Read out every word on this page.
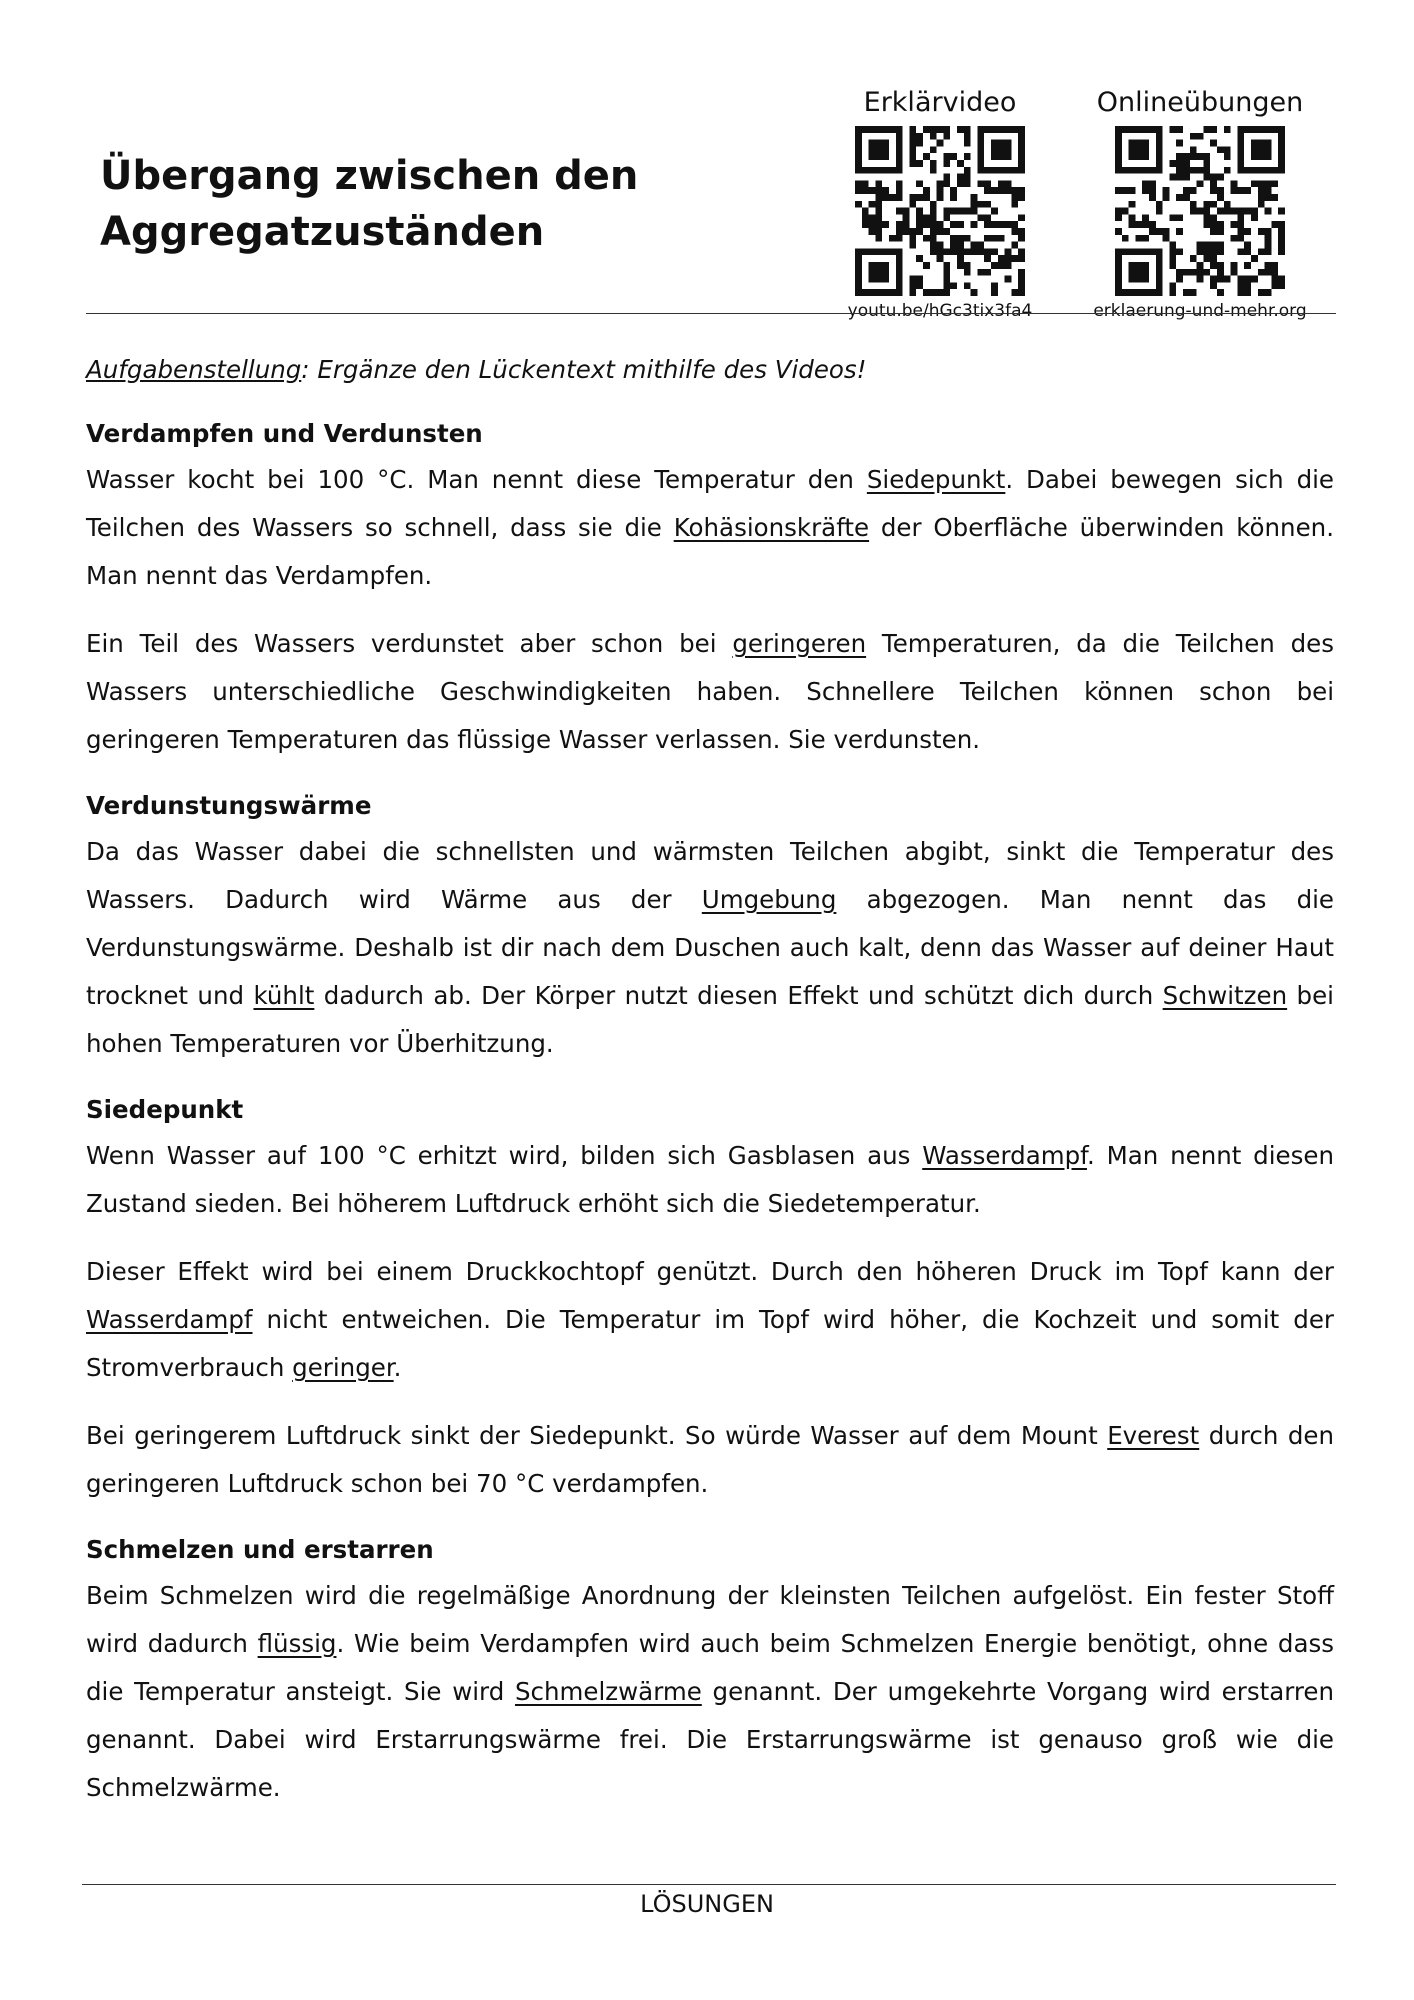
Übergang zwischen den Aggregatzuständen
Erklärvideo
youtu.be/hGc3tix3fa4
Onlineübungen
erklaerung-und-mehr.org
Aufgabenstellung: Ergänze den Lückentext mithilfe des Videos!
Verdampfen und Verdunsten

Wasser kocht bei 100 °C. Man nennt diese Temperatur den Siedepunkt. Dabei bewegen sich die Teilchen des Wassers so schnell, dass sie die Kohäsionskräfte der Oberfläche überwinden können. Man nennt das Verdampfen.

Ein Teil des Wassers verdunstet aber schon bei geringeren Temperaturen, da die Teilchen des Wassers unterschiedliche Geschwindigkeiten haben. Schnellere Teilchen können schon bei geringeren Temperaturen das flüssige Wasser verlassen. Sie verdunsten.

Verdunstungswärme

Da das Wasser dabei die schnellsten und wärmsten Teilchen abgibt, sinkt die Temperatur des Wassers. Dadurch wird Wärme aus der Umgebung abgezogen. Man nennt das die Verdunstungswärme. Deshalb ist dir nach dem Duschen auch kalt, denn das Wasser auf deiner Haut trocknet und kühlt dadurch ab. Der Körper nutzt diesen Effekt und schützt dich durch Schwitzen bei hohen Temperaturen vor Überhitzung.

Siedepunkt

Wenn Wasser auf 100 °C erhitzt wird, bilden sich Gasblasen aus Wasserdampf. Man nennt diesen Zustand sieden. Bei höherem Luftdruck erhöht sich die Siedetemperatur.

Dieser Effekt wird bei einem Druckkochtopf genützt. Durch den höheren Druck im Topf kann der Wasserdampf nicht entweichen. Die Temperatur im Topf wird höher, die Kochzeit und somit der Stromverbrauch geringer.

Bei geringerem Luftdruck sinkt der Siedepunkt. So würde Wasser auf dem Mount Everest durch den geringeren Luftdruck schon bei 70 °C verdampfen.

Schmelzen und erstarren

Beim Schmelzen wird die regelmäßige Anordnung der kleinsten Teilchen aufgelöst. Ein fester Stoff wird dadurch flüssig. Wie beim Verdampfen wird auch beim Schmelzen Energie benötigt, ohne dass die Temperatur ansteigt. Sie wird Schmelzwärme genannt. Der umgekehrte Vorgang wird erstarren genannt. Dabei wird Erstarrungswärme frei. Die Erstarrungswärme ist genauso groß wie die Schmelzwärme.

LÖSUNGEN
